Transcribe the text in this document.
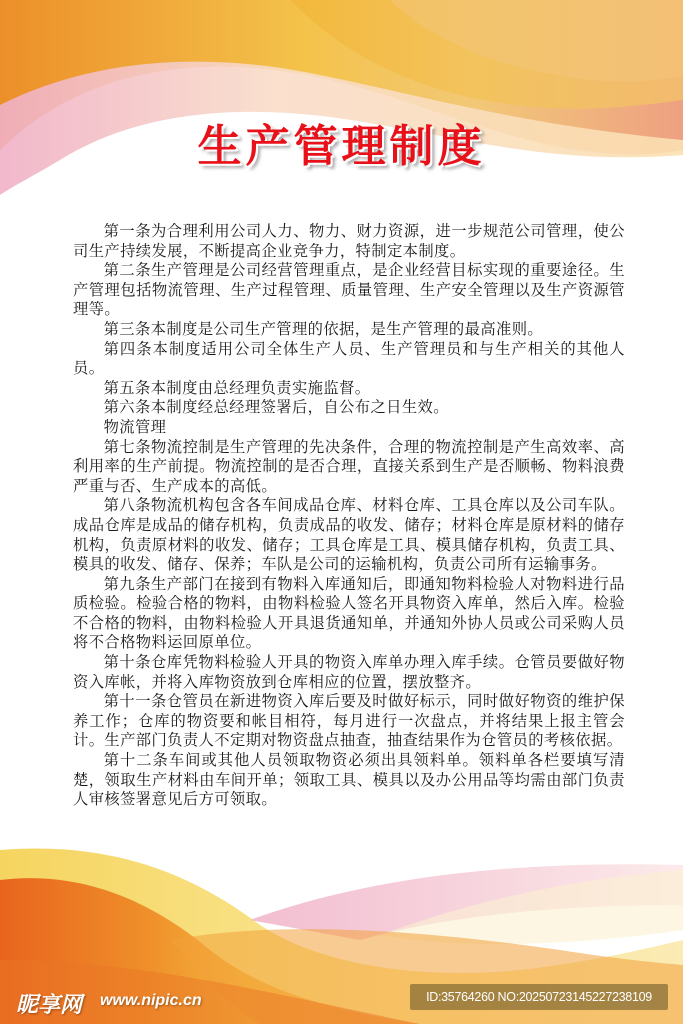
生产管理制度

第一条为合理利用公司人力、物力、财力资源，进一步规范公司管理，使公司生产持续发展，不断提高企业竞争力，特制定本制度。

第二条生产管理是公司经营管理重点，是企业经营目标实现的重要途径。生产管理包括物流管理、生产过程管理、质量管理、生产安全管理以及生产资源管理等。

第三条本制度是公司生产管理的依据，是生产管理的最高准则。

第四条本制度适用公司全体生产人员、生产管理员和与生产相关的其他人员。

第五条本制度由总经理负责实施监督。

第六条本制度经总经理签署后，自公布之日生效。

物流管理

第七条物流控制是生产管理的先决条件，合理的物流控制是产生高效率、高利用率的生产前提。物流控制的是否合理，直接关系到生产是否顺畅、物料浪费严重与否、生产成本的高低。

第八条物流机构包含各车间成品仓库、材料仓库、工具仓库以及公司车队。成品仓库是成品的储存机构，负责成品的收发、储存；材料仓库是原材料的储存机构，负责原材料的收发、储存；工具仓库是工具、模具储存机构，负责工具、模具的收发、储存、保养；车队是公司的运输机构，负责公司所有运输事务。

第九条生产部门在接到有物料入库通知后，即通知物料检验人对物料进行品质检验。检验合格的物料，由物料检验人签名开具物资入库单，然后入库。检验不合格的物料，由物料检验人开具退货通知单，并通知外协人员或公司采购人员将不合格物料运回原单位。

第十条仓库凭物料检验人开具的物资入库单办理入库手续。仓管员要做好物资入库帐，并将入库物资放到仓库相应的位置，摆放整齐。

第十一条仓管员在新进物资入库后要及时做好标示，同时做好物资的维护保养工作；仓库的物资要和帐目相符，每月进行一次盘点，并将结果上报主管会计。生产部门负责人不定期对物资盘点抽查，抽查结果作为仓管员的考核依据。

第十二条车间或其他人员领取物资必须出具领料单。领料单各栏要填写清楚，领取生产材料由车间开单；领取工具、模具以及办公用品等均需由部门负责人审核签署意见后方可领取。

昵享网 www.nipic.cn	ID:35764260 NO:20250723145227238109
